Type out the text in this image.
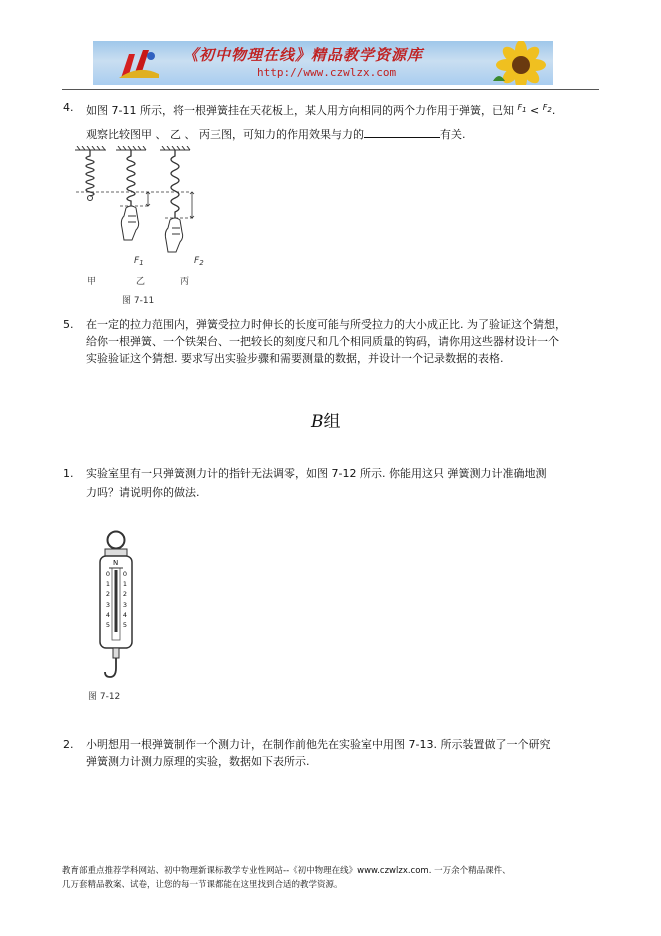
《初中物理在线》精品教学资源库
http://www.czwlzx.com
4. 如图 7-11 所示，将一根弹簧挂在天花板上，某人用方向相同的两个力作用于弹簧，已知 $^{F1}$ < $^{F2}$.
观察比较图甲 、 乙 、 丙三图，可知力的作用效果与力的	有关.
甲	乙	丙
$F_1$	$F_2$
图 7-11
5. 在一定的拉力范围内，弹簧受拉力时伸长的长度可能与所受拉力的大小成正比. 为了验证这个猜想，
给你一根弹簧、一个铁架台、一把较长的刻度尺和几个相同质量的钩码，请你用这些器材设计一个
实验验证这个猜想. 要求写出实验步骤和需要测量的数据，并设计一个记录数据的表格.
B组
1. 实验室里有一只弹簧测力计的指针无法调零，如图 7-12 所示. 你能用这只 弹簧测力计准确地测
力吗？请说明你的做法.
N
0
1
2
3
4
5
0
1
2
3
4
5
图 7-12
2. 小明想用一根弹簧制作一个测力计，在制作前他先在实验室中用图 7-13. 所示装置做了一个研究
弹簧测力计测力原理的实验，数据如下表所示.
教育部重点推荐学科网站、初中物理新课标教学专业性网站--《初中物理在线》www.czwlzx.com. 一万余个精品课件、
几万套精品教案、试卷，让您的每一节课都能在这里找到合适的教学资源。
